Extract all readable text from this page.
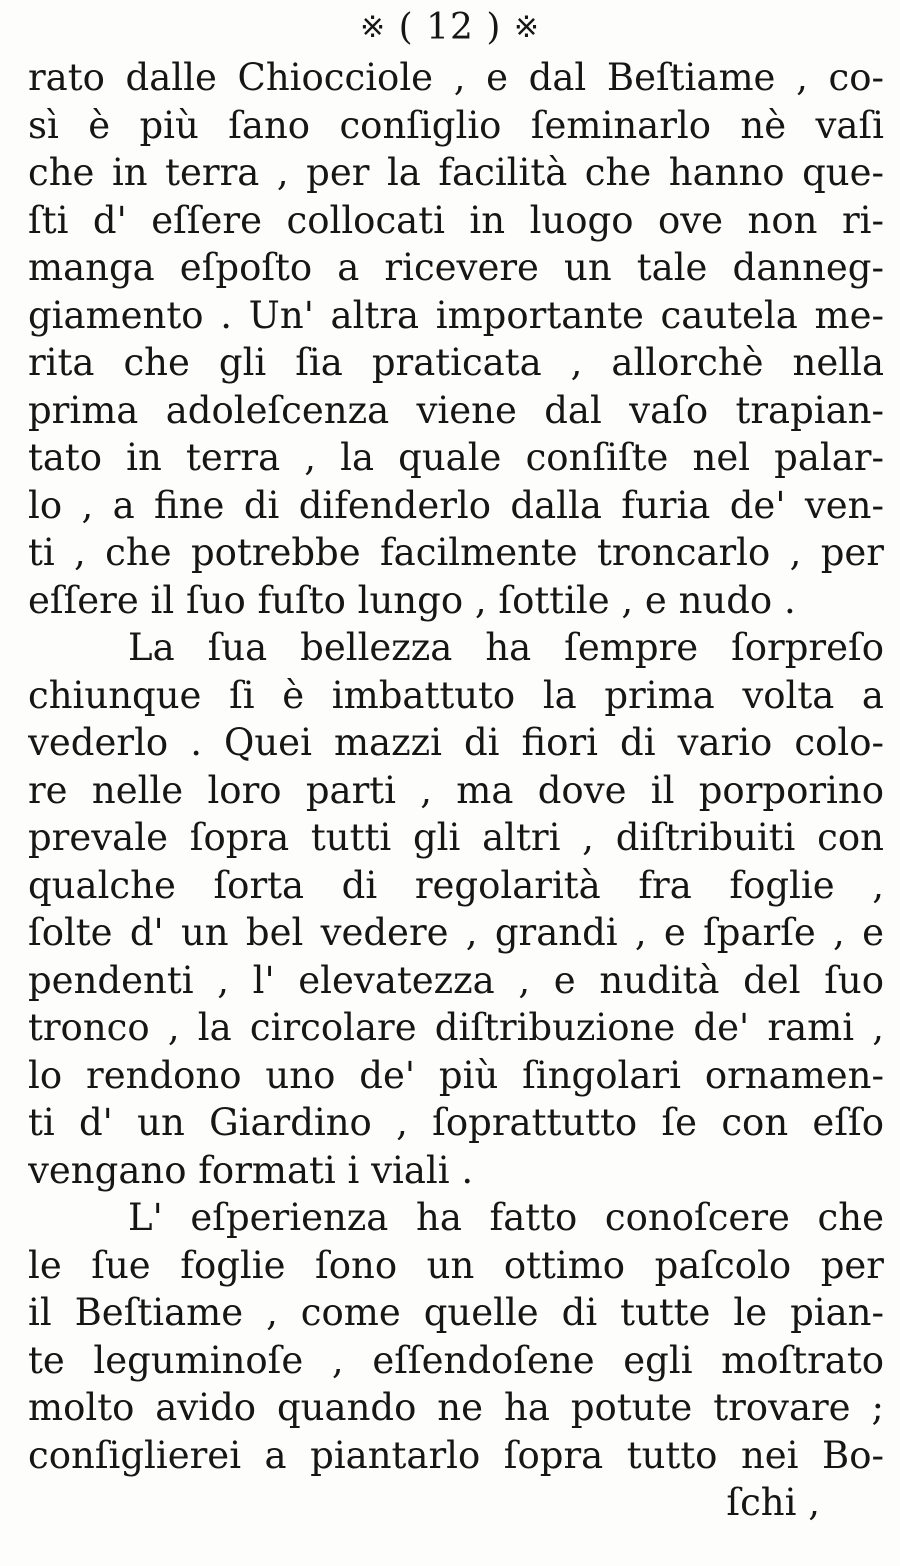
※ ( 12 ) ※
rato dalle Chiocciole , e dal Beſtiame , co-
sì è più ſano conſiglio ſeminarlo nè vaſi
che in terra , per la facilità che hanno que-
ſti d' eſſere collocati in luogo ove non ri-
manga eſpoſto a ricevere un tale danneg-
giamento . Un' altra importante cautela me-
rita che gli ſia praticata , allorchè nella
prima adoleſcenza viene dal vaſo trapian-
tato in terra , la quale conſiſte nel palar-
lo , a fine di difenderlo dalla furia de' ven-
ti , che potrebbe facilmente troncarlo , per
eſſere il ſuo fuſto lungo , ſottile , e nudo .
La ſua bellezza ha ſempre ſorpreſo
chiunque ſi è imbattuto la prima volta a
vederlo . Quei mazzi di fiori di vario colo-
re nelle loro parti , ma dove il porporino
prevale ſopra tutti gli altri , diſtribuiti con
qualche ſorta di regolarità fra foglie ,
ſolte d' un bel vedere , grandi , e ſparſe , e
pendenti , l' elevatezza , e nudità del ſuo
tronco , la circolare diſtribuzione de' rami ,
lo rendono uno de' più ſingolari ornamen-
ti d' un Giardino , ſoprattutto ſe con eſſo
vengano formati i viali .
L' eſperienza ha fatto conoſcere che
le ſue foglie ſono un ottimo paſcolo per
il Beſtiame , come quelle di tutte le pian-
te leguminoſe , eſſendoſene egli moſtrato
molto avido quando ne ha potute trovare ;
conſiglierei a piantarlo ſopra tutto nei Bo-
ſchi ,
